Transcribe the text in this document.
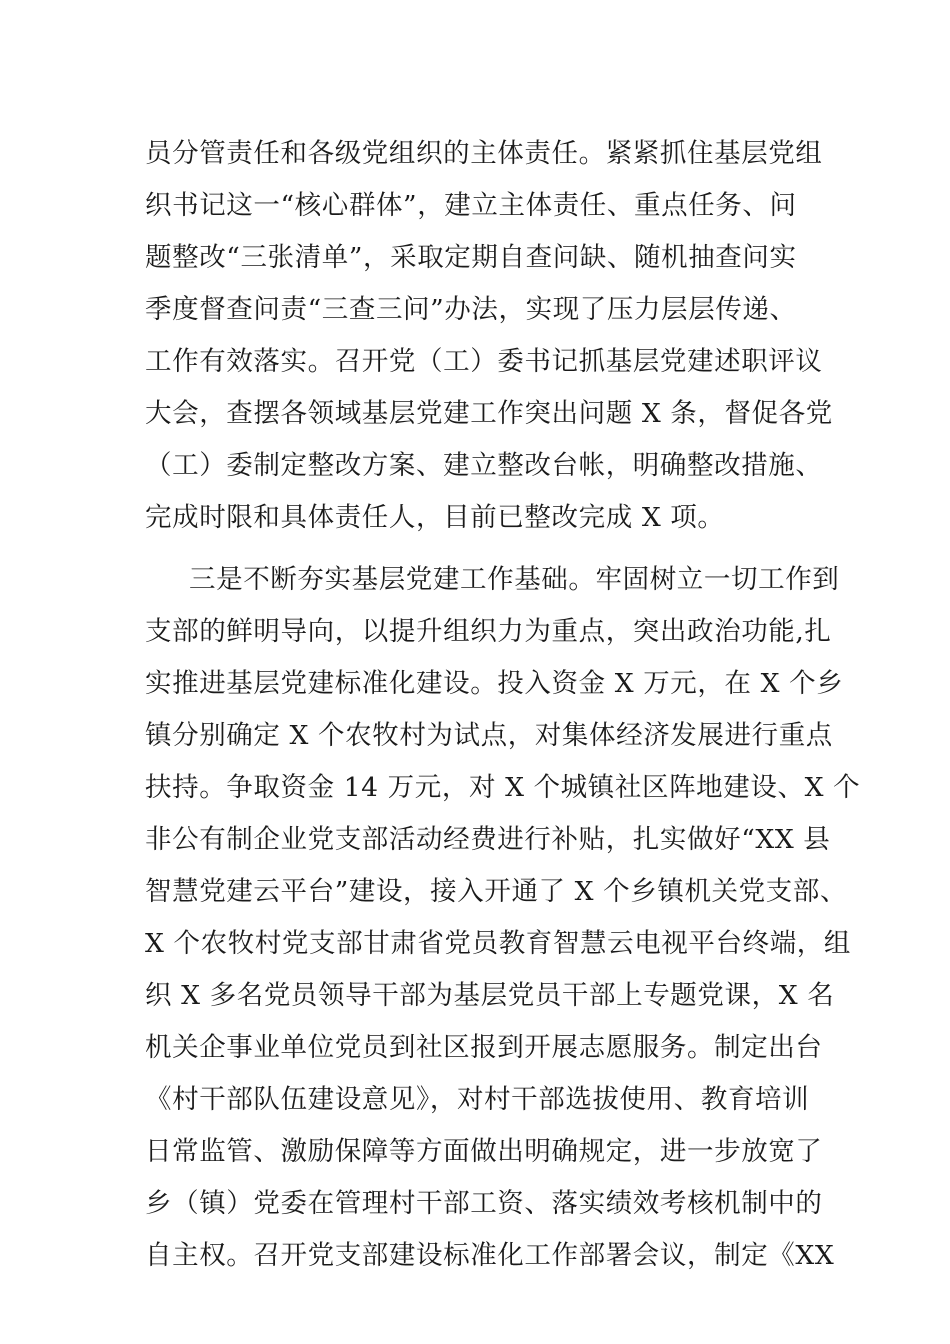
员分管责任和各级党组织的主体责任。紧紧抓住基层党组
织书记这一“核心群体”，建立主体责任、重点任务、问
题整改“三张清单”，采取定期自查问缺、随机抽查问实
季度督查问责“三查三问”办法，实现了压力层层传递、
工作有效落实。召开党（工）委书记抓基层党建述职评议
大会，查摆各领域基层党建工作突出问题 X 条，督促各党
（工）委制定整改方案、建立整改台帐，明确整改措施、
完成时限和具体责任人，目前已整改完成 X 项。
三是不断夯实基层党建工作基础。牢固树立一切工作到
支部的鲜明导向，以提升组织力为重点，突出政治功能,扎
实推进基层党建标准化建设。投入资金 X 万元，在 X 个乡
镇分别确定 X 个农牧村为试点，对集体经济发展进行重点
扶持。争取资金 14 万元，对 X 个城镇社区阵地建设、X 个
非公有制企业党支部活动经费进行补贴，扎实做好“XX 县
智慧党建云平台”建设，接入开通了 X 个乡镇机关党支部、
X 个农牧村党支部甘肃省党员教育智慧云电视平台终端，组
织 X 多名党员领导干部为基层党员干部上专题党课，X 名
机关企事业单位党员到社区报到开展志愿服务。制定出台
《村干部队伍建设意见》，对村干部选拔使用、教育培训
日常监管、激励保障等方面做出明确规定，进一步放宽了
乡（镇）党委在管理村干部工资、落实绩效考核机制中的
自主权。召开党支部建设标准化工作部署会议，制定《XX
